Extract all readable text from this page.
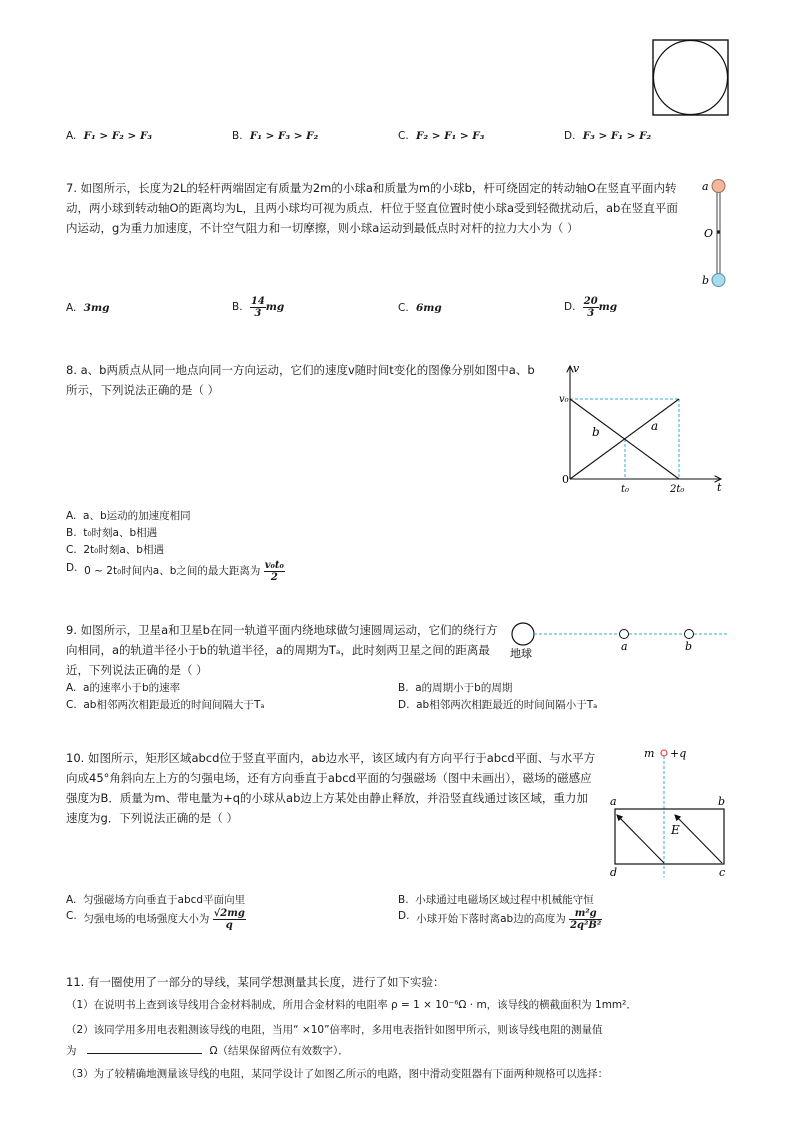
A. F₁ > F₂ > F₃	B. F₁ > F₃ > F₂	C. F₂ > F₁ > F₃	D. F₃ > F₁ > F₂
7. 如图所示，长度为2L的轻杆两端固定有质量为2m的小球a和质量为m的小球b，杆可绕固定的转动轴O在竖直平面内转
动，两小球到转动轴O的距离均为L，且两小球均可视为质点．杆位于竖直位置时使小球a受到轻微扰动后，ab在竖直平面
内运动，g为重力加速度，不计空气阻力和一切摩擦，则小球a运动到最低点时对杆的拉力大小为（ ）
a
O
b
A. 3mg	B. $\frac{14}{3}$ mg	C. 6mg	D. $\frac{20}{3}$ mg
8. a、b两质点从同一地点向同一方向运动，它们的速度v随时间t变化的图像分别如图中a、b
所示，下列说法正确的是（ ）
v
t
0
v₀
t₀	2t₀
a
b
A. a、b运动的加速度相同
B. t₀时刻a、b相遇
C. 2t₀时刻a、b相遇
D. 0 ~ 2t₀时间内a、b之间的最大距离为 $\frac{\text{v₀t₀}}{2}$
9. 如图所示，卫星a和卫星b在同一轨道平面内绕地球做匀速圆周运动，它们的绕行方
向相同，a的轨道半径小于b的轨道半径，a的周期为Tₐ，此时刻两卫星之间的距离最
近，下列说法正确的是（ ）
地球
a	b
A. a的速率小于b的速率	B. a的周期小于b的周期
C. ab相邻两次相距最近的时间间隔大于Tₐ	D. ab相邻两次相距最近的时间间隔小于Tₐ
10. 如图所示，矩形区域abcd位于竖直平面内，ab边水平，该区域内有方向平行于abcd平面、与水平方
向成45°角斜向左上方的匀强电场，还有方向垂直于abcd平面的匀强磁场（图中未画出），磁场的磁感应
强度为B．质量为m、带电量为+q的小球从ab边上方某处由静止释放，并沿竖直线通过该区域，重力加
速度为g．下列说法正确的是（ ）
m +q
a	b
c
d
E
A. 匀强磁场方向垂直于abcd平面向里	B. 小球通过电磁场区域过程中机械能守恒
C. 匀强电场的电场强度大小为 $\frac{√2mg}{q}$	D. 小球开始下落时离ab边的高度为 $\frac{\text{m²g}}{\text{2q²B²}}$
11. 有一圈使用了一部分的导线，某同学想测量其长度，进行了如下实验：
（1）在说明书上查到该导线用合金材料制成，所用合金材料的电阻率 ρ = 1 × 10⁻⁶Ω · m，该导线的横截面积为 1mm²．
（2）该同学用多用电表粗测该导线的电阻，当用“ ×10”倍率时，多用电表指针如图甲所示，则该导线电阻的测量值
为	Ω（结果保留两位有效数字）．
（3）为了较精确地测量该导线的电阻，某同学设计了如图乙所示的电路，图中滑动变阻器有下面两种规格可以选择：
